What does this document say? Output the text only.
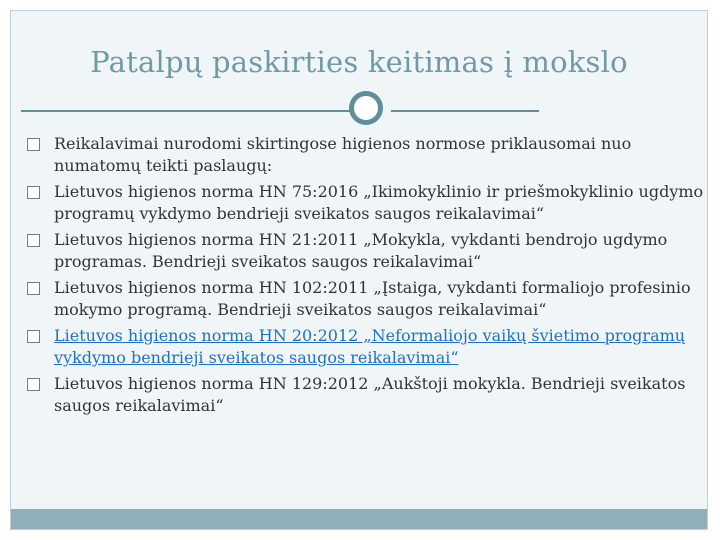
Patalpų paskirties keitimas į mokslo
Reikalavimai nurodomi skirtingose higienos normose priklausomai nuo numatomų teikti paslaugų:
Lietuvos higienos norma HN 75:2016 „Ikimokyklinio ir priešmokyklinio ugdymo programų vykdymo bendrieji sveikatos saugos reikalavimai“
Lietuvos higienos norma HN 21:2011 „Mokykla, vykdanti bendrojo ugdymo programas. Bendrieji sveikatos saugos reikalavimai“
Lietuvos higienos norma HN 102:2011 „Įstaiga, vykdanti formaliojo profesinio mokymo programą. Bendrieji sveikatos saugos reikalavimai“
Lietuvos higienos norma HN 20:2012 „Neformaliojo vaikų švietimo programų vykdymo bendrieji sveikatos saugos reikalavimai“
Lietuvos higienos norma HN 129:2012 „Aukštoji mokykla. Bendrieji sveikatos saugos reikalavimai“
